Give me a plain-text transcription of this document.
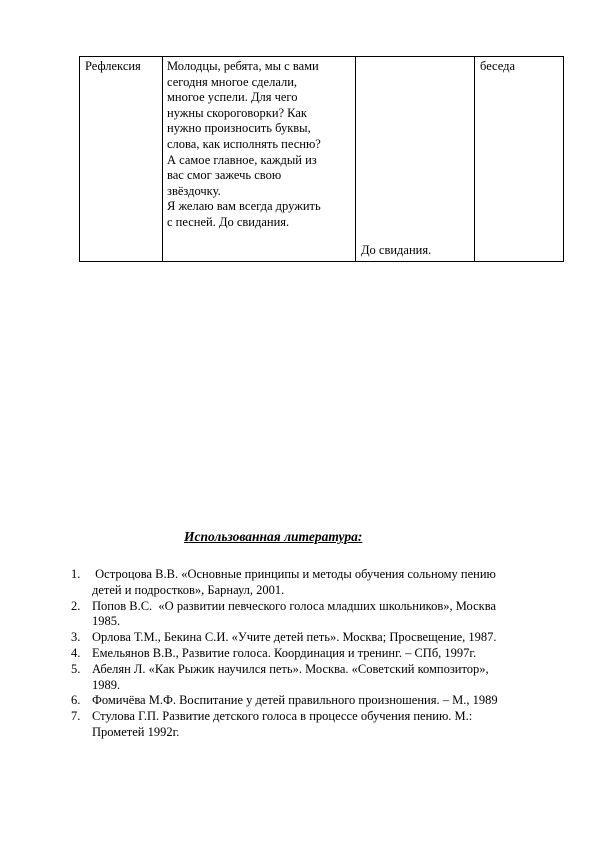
Рефлексия Молодцы, ребята, мы с вами

сегодня многое сделали,

многое успели. Для чего

нужны скороговорки? Как

нужно произносить буквы,

слова, как исполнять песню?

А самое главное, каждый из

вас смог зажечь свою

звёздочку.

Я желаю вам всегда дружить

с песней. До свидания.

До свидания.
беседа
Использованная литература:
1. Остроцова В.В. «Основные принципы и методы обучения сольному пению
детей и подростков», Барнаул, 2001.
2. Попов В.С.  «О развитии певческого голоса младших школьников», Москва
1985.
3. Орлова Т.М., Бекина С.И. «Учите детей петь». Москва; Просвещение, 1987.
4. Емельянов В.В., Развитие голоса. Координация и тренинг. – СПб, 1997г.
5. Абелян Л. «Как Рыжик научился петь». Москва. «Советский композитор»,
1989.
6. Фомичёва М.Ф. Воспитание у детей правильного произношения. – М., 1989
7. Стулова Г.П. Развитие детского голоса в процессе обучения пению. М.:
Прометей 1992г.
